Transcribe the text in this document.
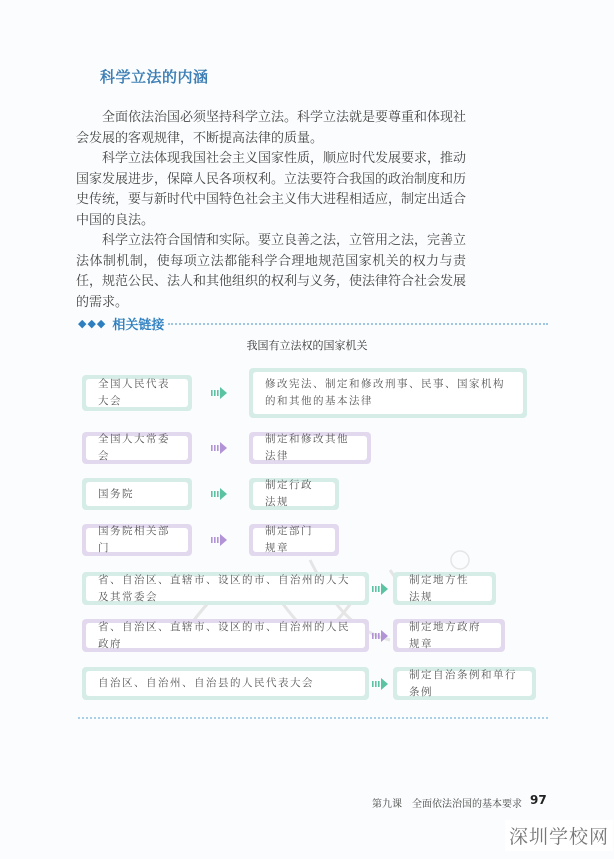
科学立法的内涵

全面依法治国必须坚持科学立法。科学立法就是要尊重和体现社会发展的客观规律，不断提高法律的质量。

科学立法体现我国社会主义国家性质，顺应时代发展要求，推动国家发展进步，保障人民各项权利。立法要符合我国的政治制度和历史传统，要与新时代中国特色社会主义伟大进程相适应，制定出适合中国的良法。

科学立法符合国情和实际。要立良善之法，立管用之法，完善立法体制机制，使每项立法都能科学合理地规范国家机关的权力与责任，规范公民、法人和其他组织的权利与义务，使法律符合社会发展的需求。

◆◆◆ 相关链接
我国有立法权的国家机关
全国人民代表大会
修改宪法、制定和修改刑事、民事、国家机构的和其他的基本法律
全国人大常委会
制定和修改其他法律
国务院
制定行政法规
国务院相关部门
制定部门规章
省、自治区、直辖市、设区的市、自治州的人大及其常委会
制定地方性法规
省、自治区、直辖市、设区的市、自治州的人民政府
制定地方政府规章
自治区、自治州、自治县的人民代表大会
制定自治条例和单行条例
第九课　全面依法治国的基本要求 97
深圳学校网
